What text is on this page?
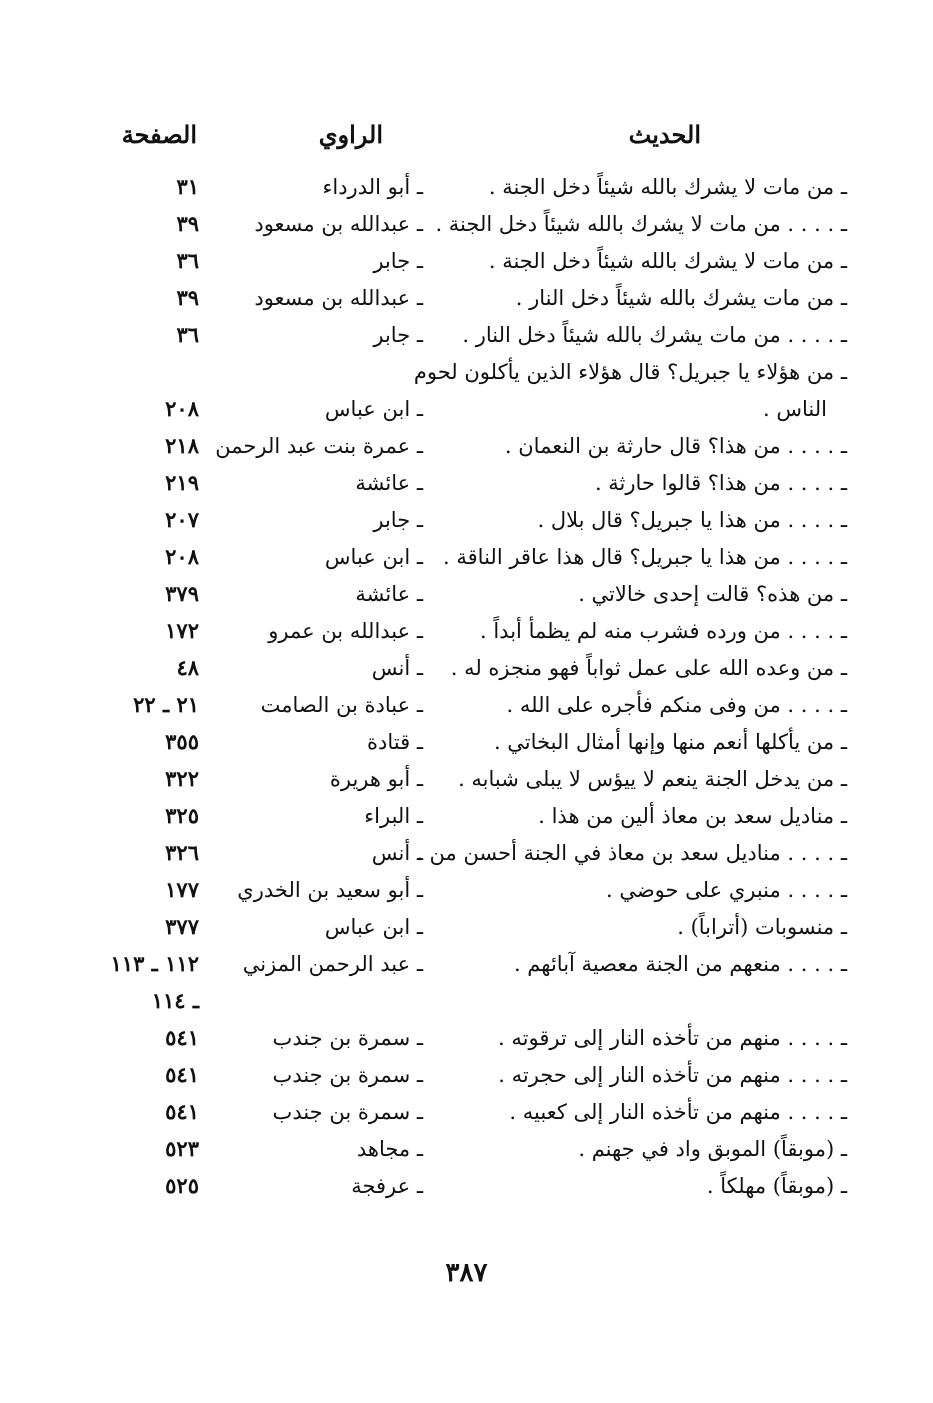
الحديث
الراوي
الصفحة
ـ من مات لا يشرك بالله شيئاً دخل الجنة .
ـ أبو الدرداء
٣١
ـ . . . . من مات لا يشرك بالله شيئاً دخل الجنة .
ـ عبدالله بن مسعود
٣٩
ـ من مات لا يشرك بالله شيئاً دخل الجنة .
ـ جابر
٣٦
ـ من مات يشرك بالله شيئاً دخل النار .
ـ عبدالله بن مسعود
٣٩
ـ . . . . من مات يشرك بالله شيئاً دخل النار .
ـ جابر
٣٦
ـ من هؤلاء يا جبريل؟ قال هؤلاء الذين يأكلون لحوم
الناس .
ـ ابن عباس
٢٠٨
ـ . . . . من هذا؟ قال حارثة بن النعمان .
ـ عمرة بنت عبد الرحمن
٢١٨
ـ . . . . من هذا؟ قالوا حارثة .
ـ عائشة
٢١٩
ـ . . . . من هذا يا جبريل؟ قال بلال .
ـ جابر
٢٠٧
ـ . . . . من هذا يا جبريل؟ قال هذا عاقر الناقة .
ـ ابن عباس
٢٠٨
ـ من هذه؟ قالت إحدى خالاتي .
ـ عائشة
٣٧٩
ـ . . . . من ورده فشرب منه لم يظمأ أبداً .
ـ عبدالله بن عمرو
١٧٢
ـ من وعده الله على عمل ثواباً فهو منجزه له .
ـ أنس
٤٨
ـ . . . . من وفى منكم فأجره على الله .
ـ عبادة بن الصامت
٢١ ـ ٢٢
ـ من يأكلها أنعم منها وإنها أمثال البخاتي .
ـ قتادة
٣٥٥
ـ من يدخل الجنة ينعم لا ييؤس لا يبلى شبابه .
ـ أبو هريرة
٣٢٢
ـ مناديل سعد بن معاذ ألين من هذا .
ـ البراء
٣٢٥
ـ . . . . مناديل سعد بن معاذ في الجنة أحسن من .
ـ أنس
٣٢٦
ـ . . . . منبري على حوضي .
ـ أبو سعيد بن الخدري
١٧٧
ـ منسوبات (أتراباً) .
ـ ابن عباس
٣٧٧
ـ . . . . منعهم من الجنة معصية آبائهم .
ـ عبد الرحمن المزني
١١٢ ـ ١١٣
ـ ١١٤
ـ . . . . منهم من تأخذه النار إلى ترقوته .
ـ سمرة بن جندب
٥٤١
ـ . . . . منهم من تأخذه النار إلى حجرته .
ـ سمرة بن جندب
٥٤١
ـ . . . . منهم من تأخذه النار إلى كعبيه .
ـ سمرة بن جندب
٥٤١
ـ (موبقاً) الموبق واد في جهنم .
ـ مجاهد
٥٢٣
ـ (موبقاً) مهلكاً .
ـ عرفجة
٥٢٥
٣٨٧
